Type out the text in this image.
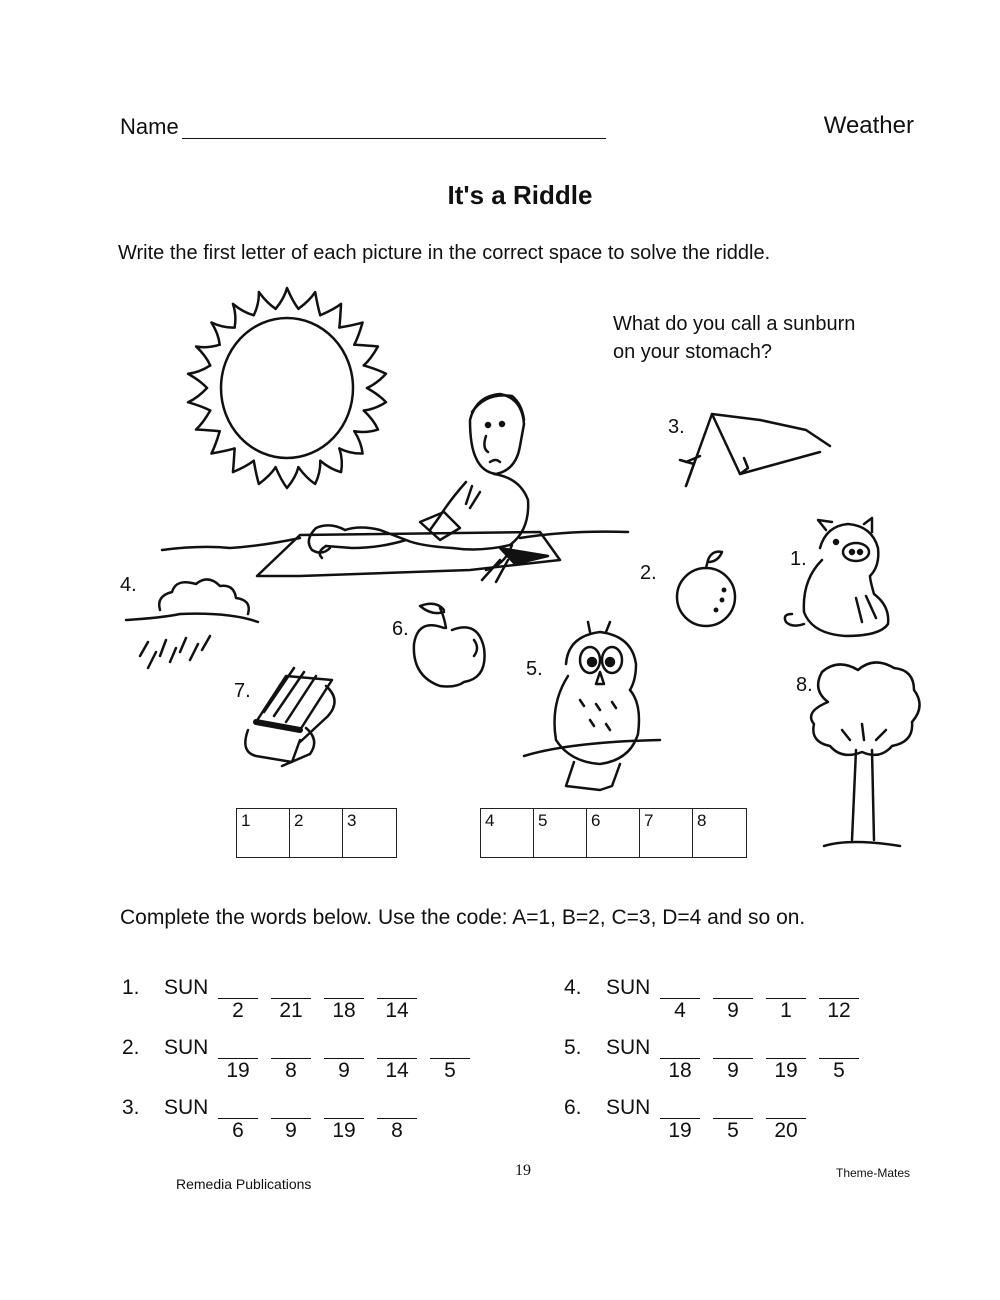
Name	Weather
It's a Riddle
Write the first letter of each picture in the correct space to solve the riddle.
What do you call a sunburn
on your stomach?
1.
2.
3.
4.
5.
6.
7.	8.
1	2	3	4	5	6	7	8
Complete the words below. Use the code: A=1, B=2, C=3, D=4 and so on.
1. SUN
2	21	18	14
2. SUN
19	8	9	14	5
3. SUN
6	9	19	8
4. SUN
4	9	1	12
5. SUN
18	9	19	5
6. SUN
19	5	20
Remedia Publications
19	Theme-Mates
